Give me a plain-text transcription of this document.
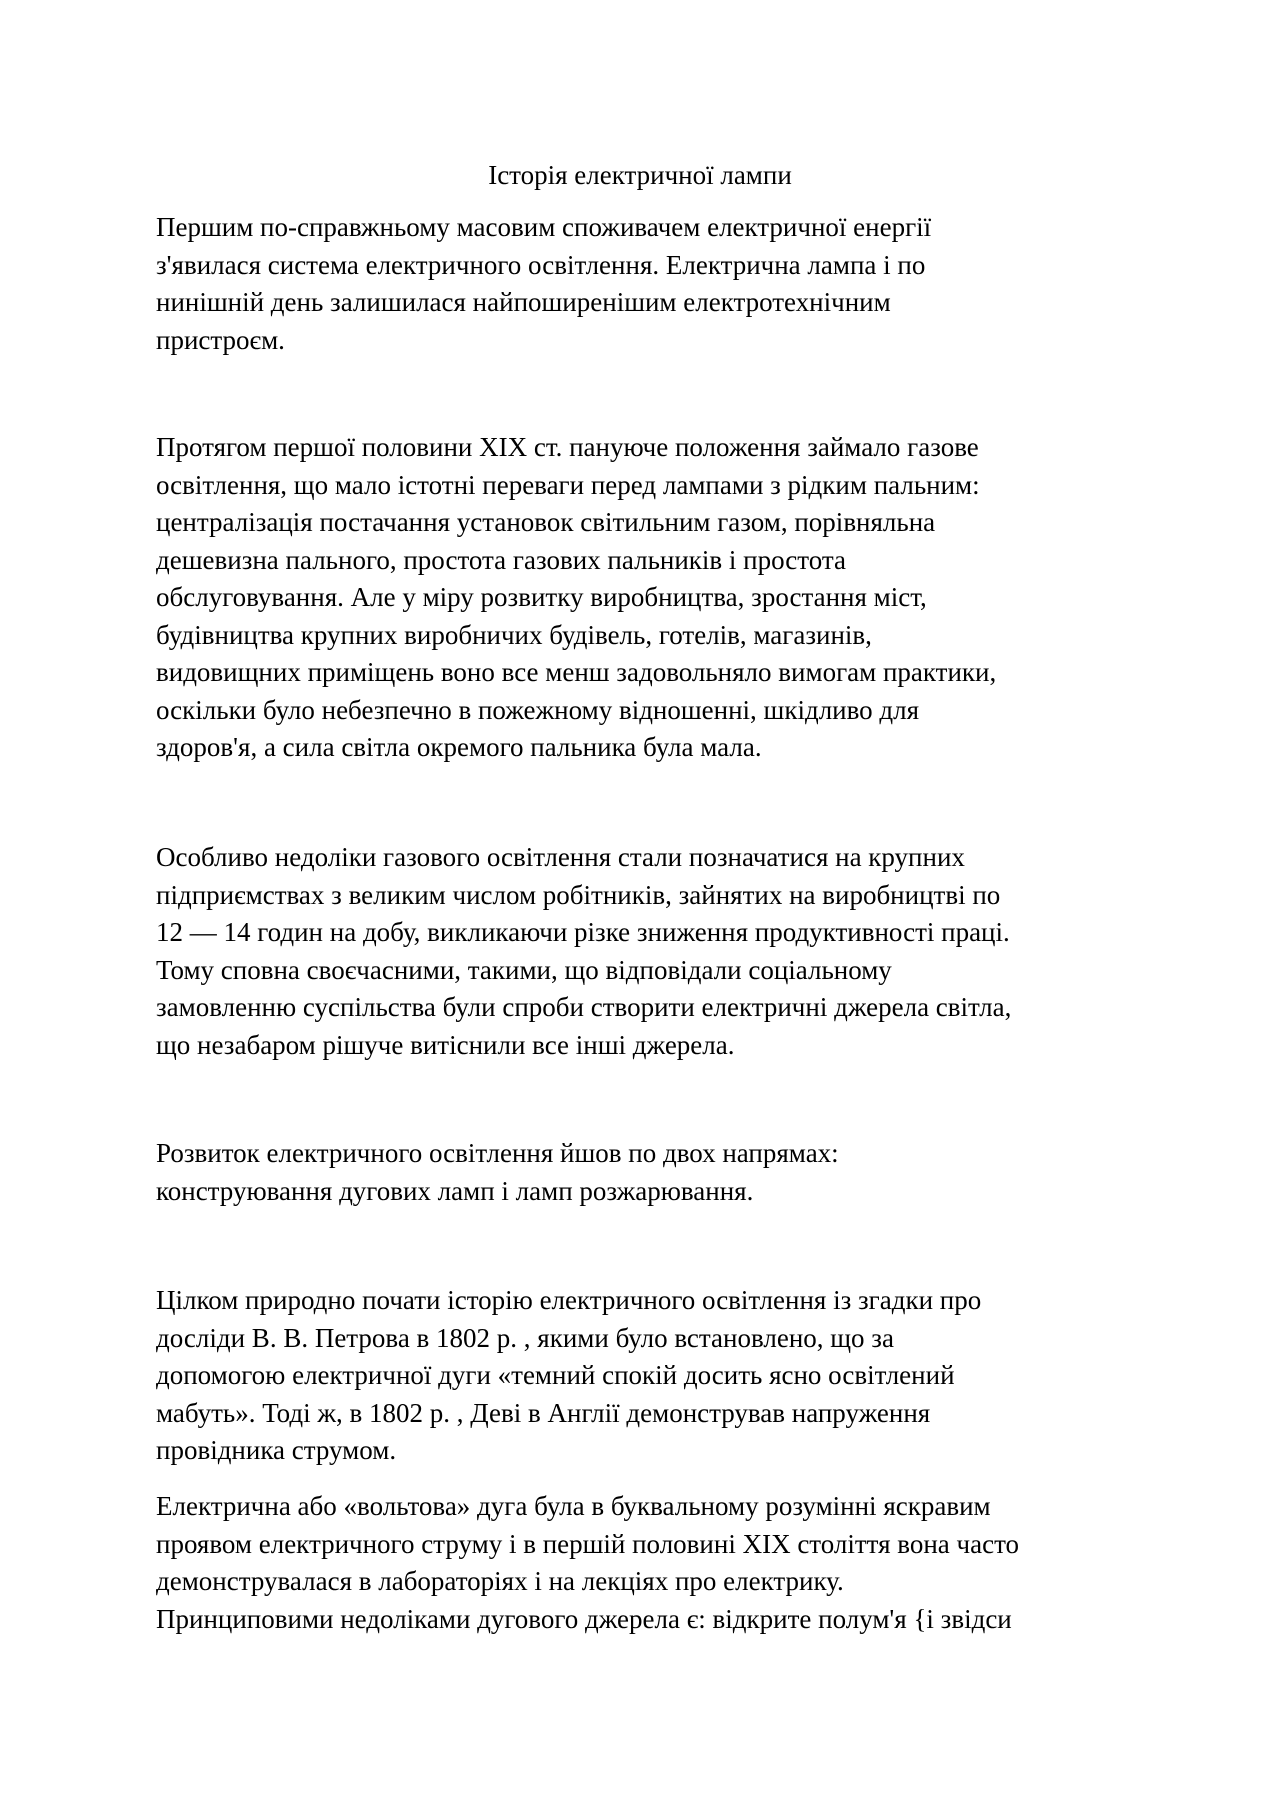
Історія електричної лампи
Першим по-справжньому масовим споживачем електричної енергії
з'явилася система електричного освітлення. Електрична лампа і по
нинішній день залишилася найпоширенішим електротехнічним
пристроєм.
Протягом першої половини XIX ст. пануюче положення займало газове
освітлення, що мало істотні переваги перед лампами з рідким пальним:
централізація постачання установок світильним газом, порівняльна
дешевизна пального, простота газових пальників і простота
обслуговування. Але у міру розвитку виробництва, зростання міст,
будівництва крупних виробничих будівель, готелів, магазинів,
видовищних приміщень воно все менш задовольняло вимогам практики,
оскільки було небезпечно в пожежному відношенні, шкідливо для
здоров'я, а сила світла окремого пальника була мала.
Особливо недоліки газового освітлення стали позначатися на крупних
підприємствах з великим числом робітників, зайнятих на виробництві по
12 — 14 годин на добу, викликаючи різке зниження продуктивності праці.
Тому сповна своєчасними, такими, що відповідали соціальному
замовленню суспільства були спроби створити електричні джерела світла,
що незабаром рішуче витіснили все інші джерела.
Розвиток електричного освітлення йшов по двох напрямах:
конструювання дугових ламп і ламп розжарювання.
Цілком природно почати історію електричного освітлення із згадки про
досліди В. В. Петрова в 1802 р. , якими було встановлено, що за
допомогою електричної дуги «темний спокій досить ясно освітлений
мабуть». Тоді ж, в 1802 р. , Деві в Англії демонстрував напруження
провідника струмом.
Електрична або «вольтова» дуга була в буквальному розумінні яскравим
проявом електричного струму і в першій половині XIX століття вона часто
демонструвалася в лабораторіях і на лекціях про електрику.
Принциповими недоліками дугового джерела є: відкрите полум'я {і звідси
